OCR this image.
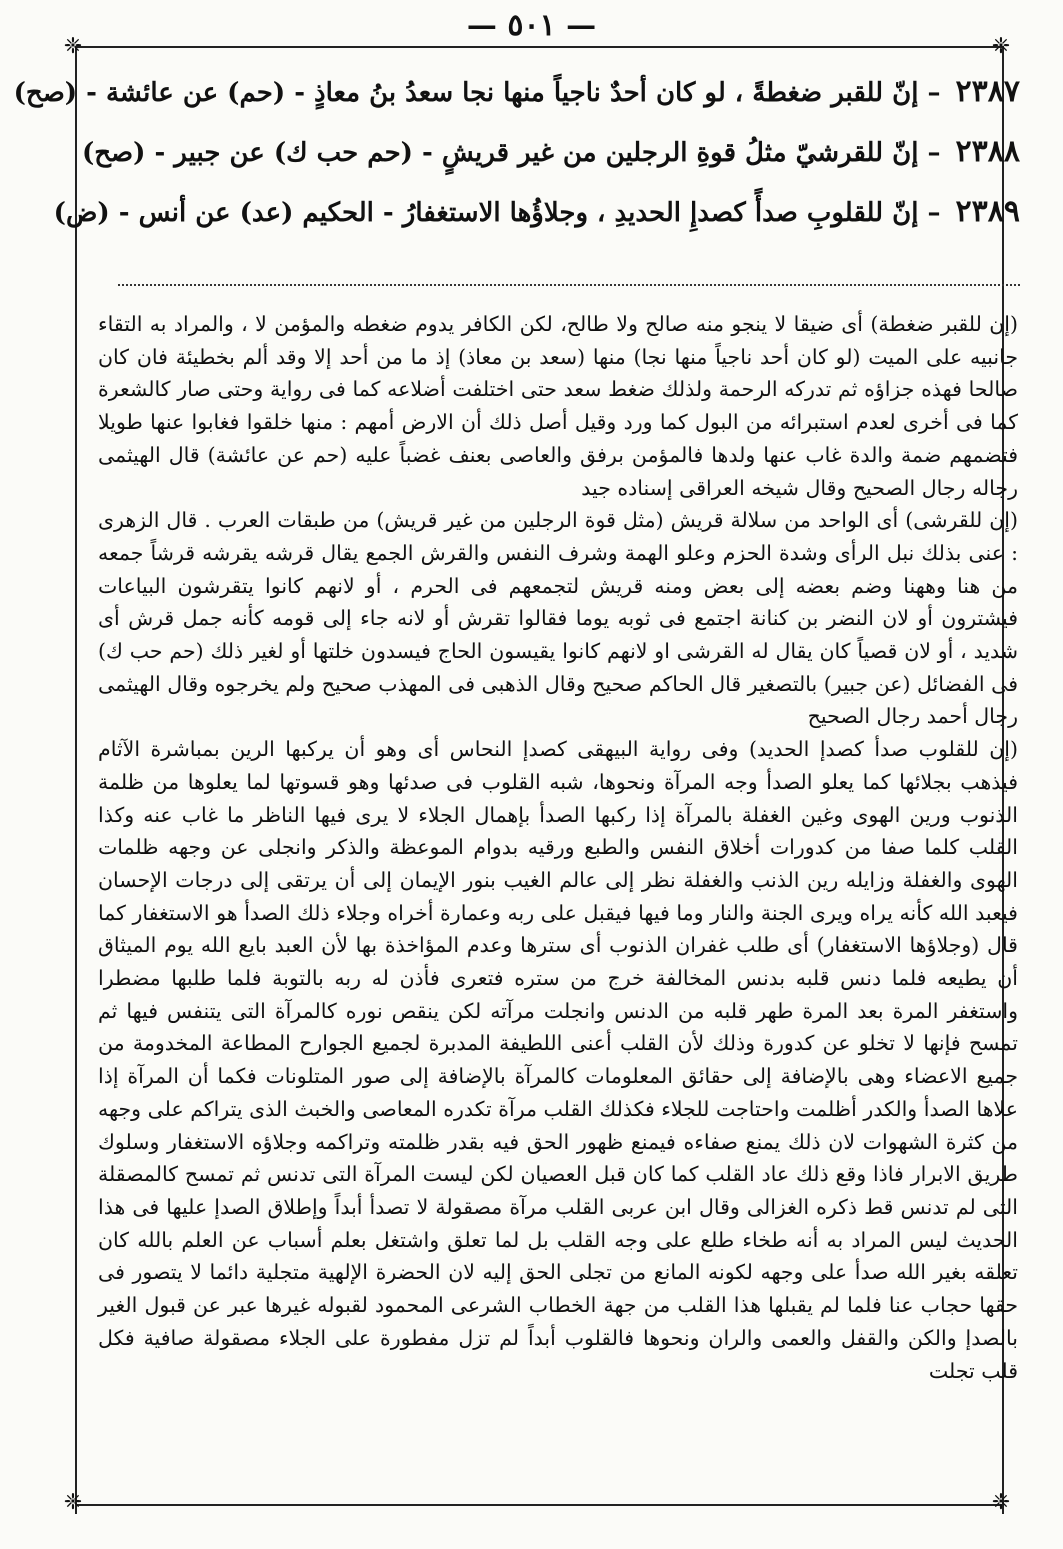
— ٥٠١ —
❈	❈
❈	❈
٢٣٨٧ – إنّ للقبر ضغطةً ، لو كان أحدٌ ناجياً منها نجا سعدُ بنُ معاذٍ - (حم) عن عائشة - (صح)
٢٣٨٨ – إنّ للقرشيّ مثلُ قوةِ الرجلين من غير قريشٍ - (حم حب ك) عن جبير - (صح)
٢٣٨٩ – إنّ للقلوبِ صدأً كصدإِ الحديدِ ، وجلاؤُها الاستغفارُ - الحكيم (عد) عن أنس - (ض)

(إن للقبر ضغطة) أى ضيقا لا ينجو منه صالح ولا طالح، لكن الكافر يدوم ضغطه والمؤمن لا ، والمراد به التقاء جانبيه على الميت (لو كان أحد ناجياً منها نجا) منها (سعد بن معاذ) إذ ما من أحد إلا وقد ألم بخطيئة فان كان صالحا فهذه جزاؤه ثم تدركه الرحمة ولذلك ضغط سعد حتى اختلفت أضلاعه كما فى رواية وحتى صار كالشعرة كما فى أخرى لعدم استبرائه من البول كما ورد وقيل أصل ذلك أن الارض أمهم : منها خلقوا فغابوا عنها طويلا فتضمهم ضمة والدة غاب عنها ولدها فالمؤمن برفق والعاصى بعنف غضباً عليه (حم عن عائشة) قال الهيثمى رجاله رجال الصحيح وقال شيخه العراقى إسناده جيد

(إن للقرشى) أى الواحد من سلالة قريش (مثل قوة الرجلين من غير قريش) من طبقات العرب . قال الزهرى : عنى بذلك نبل الرأى وشدة الحزم وعلو الهمة وشرف النفس والقرش الجمع يقال قرشه يقرشه قرشاً جمعه من هنا وههنا وضم بعضه إلى بعض ومنه قريش لتجمعهم فى الحرم ، أو لانهم كانوا يتقرشون البياعات فيشترون أو لان النضر بن كنانة اجتمع فى ثوبه يوما فقالوا تقرش أو لانه جاء إلى قومه كأنه جمل قرش أى شديد ، أو لان قصياً كان يقال له القرشى او لانهم كانوا يقيسون الحاج فيسدون خلتها أو لغير ذلك (حم حب ك) فى الفضائل (عن جبير) بالتصغير قال الحاكم صحيح وقال الذهبى فى المهذب صحيح ولم يخرجوه وقال الهيثمى رجال أحمد رجال الصحيح

(إن للقلوب صدأ كصدإ الحديد) وفى رواية البيهقى كصدإ النحاس أى وهو أن يركبها الرين بمباشرة الآثام فيذهب بجلائها كما يعلو الصدأ وجه المرآة ونحوها، شبه القلوب فى صدئها وهو قسوتها لما يعلوها من ظلمة الذنوب ورين الهوى وغين الغفلة بالمرآة إذا ركبها الصدأ بإهمال الجلاء لا يرى فيها الناظر ما غاب عنه وكذا القلب كلما صفا من كدورات أخلاق النفس والطبع ورقيه بدوام الموعظة والذكر وانجلى عن وجهه ظلمات الهوى والغفلة وزايله رين الذنب والغفلة نظر إلى عالم الغيب بنور الإيمان إلى أن يرتقى إلى درجات الإحسان فيعبد الله كأنه يراه ويرى الجنة والنار وما فيها فيقبل على ربه وعمارة أخراه وجلاء ذلك الصدأ هو الاستغفار كما قال (وجلاؤها الاستغفار) أى طلب غفران الذنوب أى سترها وعدم المؤاخذة بها لأن العبد بايع الله يوم الميثاق أن يطيعه فلما دنس قلبه بدنس المخالفة خرج من ستره فتعرى فأذن له ربه بالتوبة فلما طلبها مضطرا واستغفر المرة بعد المرة طهر قلبه من الدنس وانجلت مرآته لكن ينقص نوره كالمرآة التى يتنفس فيها ثم تمسح فإنها لا تخلو عن كدورة وذلك لأن القلب أعنى اللطيفة المدبرة لجميع الجوارح المطاعة المخدومة من جميع الاعضاء وهى بالإضافة إلى حقائق المعلومات كالمرآة بالإضافة إلى صور المتلونات فكما أن المرآة إذا علاها الصدأ والكدر أظلمت واحتاجت للجلاء فكذلك القلب مرآة تكدره المعاصى والخبث الذى يتراكم على وجهه من كثرة الشهوات لان ذلك يمنع صفاءه فيمنع ظهور الحق فيه بقدر ظلمته وتراكمه وجلاؤه الاستغفار وسلوك طريق الابرار فاذا وقع ذلك عاد القلب كما كان قبل العصيان لكن ليست المرآة التى تدنس ثم تمسح كالمصقلة التى لم تدنس قط ذكره الغزالى وقال ابن عربى القلب مرآة مصقولة لا تصدأ أبداً وإطلاق الصدإ عليها فى هذا الحديث ليس المراد به أنه طخاء طلع على وجه القلب بل لما تعلق واشتغل بعلم أسباب عن العلم بالله كان تعلقه بغير الله صدأ على وجهه لكونه المانع من تجلى الحق إليه لان الحضرة الإلهية متجلية دائما لا يتصور فى حقها حجاب عنا فلما لم يقبلها هذا القلب من جهة الخطاب الشرعى المحمود لقبوله غيرها عبر عن قبول الغير بالصدإ والكن والقفل والعمى والران ونحوها فالقلوب أبداً لم تزل مفطورة على الجلاء مصقولة صافية فكل قلب تجلت
